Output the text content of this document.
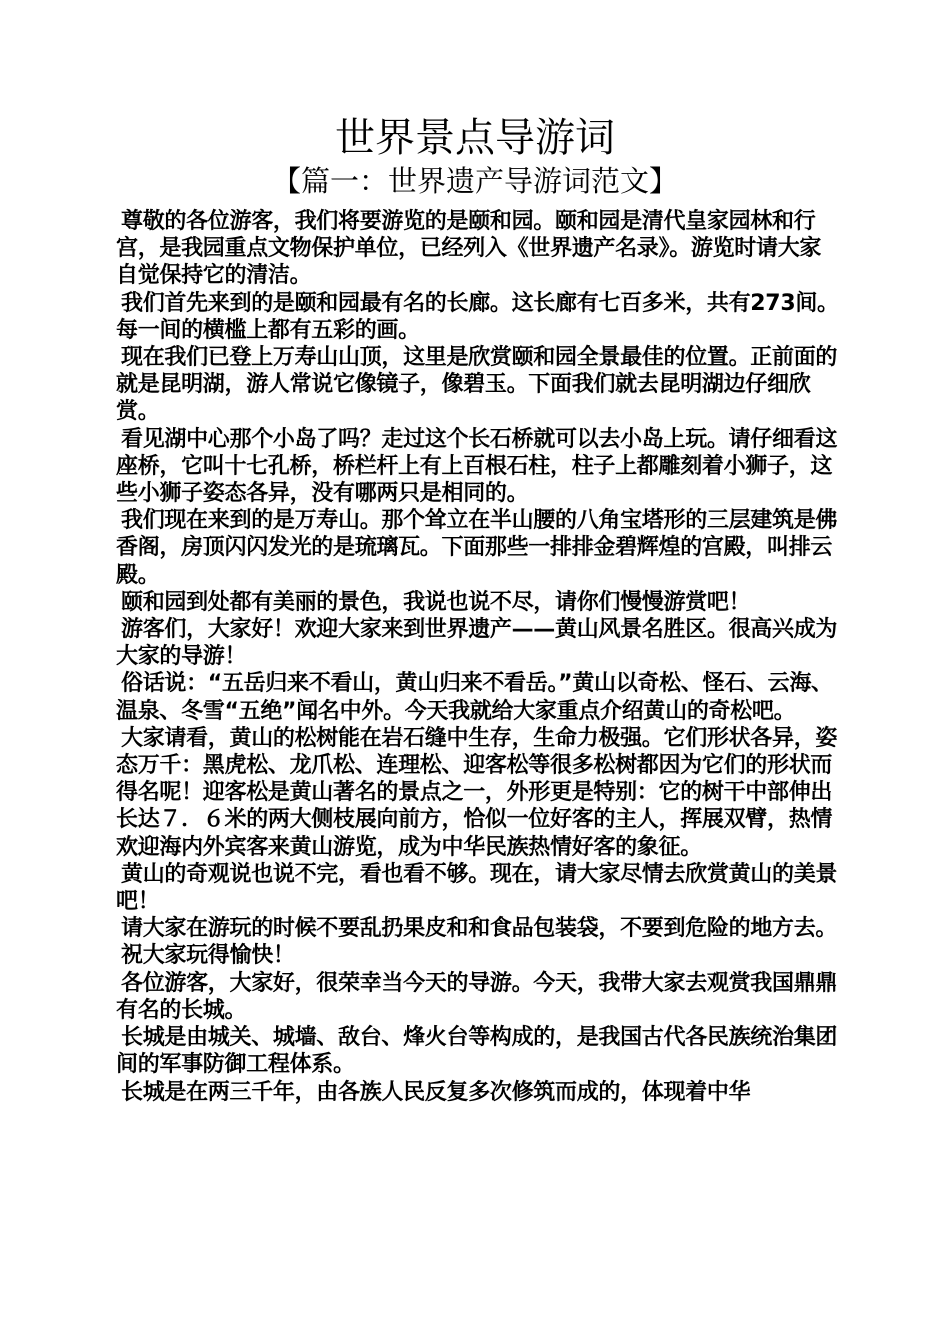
世界景点导游词
【篇一：世界遗产导游词范文】

尊敬的各位游客，我们将要游览的是颐和园。颐和园是清代皇家园林和行宫，是我园重点文物保护单位，已经列入《世界遗产名录》。游览时请大家自觉保持它的清洁。

我们首先来到的是颐和园最有名的长廊。这长廊有七百多米，共有273间。每一间的横槛上都有五彩的画。

现在我们已登上万寿山山顶，这里是欣赏颐和园全景最佳的位置。正前面的就是昆明湖，游人常说它像镜子，像碧玉。下面我们就去昆明湖边仔细欣赏。

看见湖中心那个小岛了吗？走过这个长石桥就可以去小岛上玩。请仔细看这座桥，它叫十七孔桥，桥栏杆上有上百根石柱，柱子上都雕刻着小狮子，这些小狮子姿态各异，没有哪两只是相同的。

我们现在来到的是万寿山。那个耸立在半山腰的八角宝塔形的三层建筑是佛香阁，房顶闪闪发光的是琉璃瓦。下面那些一排排金碧辉煌的宫殿，叫排云殿。

颐和园到处都有美丽的景色，我说也说不尽，请你们慢慢游赏吧！

游客们，大家好！欢迎大家来到世界遗产——黄山风景名胜区。很高兴成为大家的导游！

俗话说：“五岳归来不看山，黄山归来不看岳。”黄山以奇松、怪石、云海、温泉、冬雪“五绝”闻名中外。今天我就给大家重点介绍黄山的奇松吧。

大家请看，黄山的松树能在岩石缝中生存，生命力极强。它们形状各异，姿态万千：黑虎松、龙爪松、连理松、迎客松等很多松树都因为它们的形状而得名呢！迎客松是黄山著名的景点之一，外形更是特别：它的树干中部伸出长达７．６米的两大侧枝展向前方，恰似一位好客的主人，挥展双臂，热情欢迎海内外宾客来黄山游览，成为中华民族热情好客的象征。

黄山的奇观说也说不完，看也看不够。现在，请大家尽情去欣赏黄山的美景吧！

请大家在游玩的时候不要乱扔果皮和和食品包装袋，不要到危险的地方去。

祝大家玩得愉快！

各位游客，大家好，很荣幸当今天的导游。今天，我带大家去观赏我国鼎鼎有名的长城。

长城是由城关、城墙、敌台、烽火台等构成的，是我国古代各民族统治集团间的军事防御工程体系。

长城是在两三千年，由各族人民反复多次修筑而成的，体现着中华
